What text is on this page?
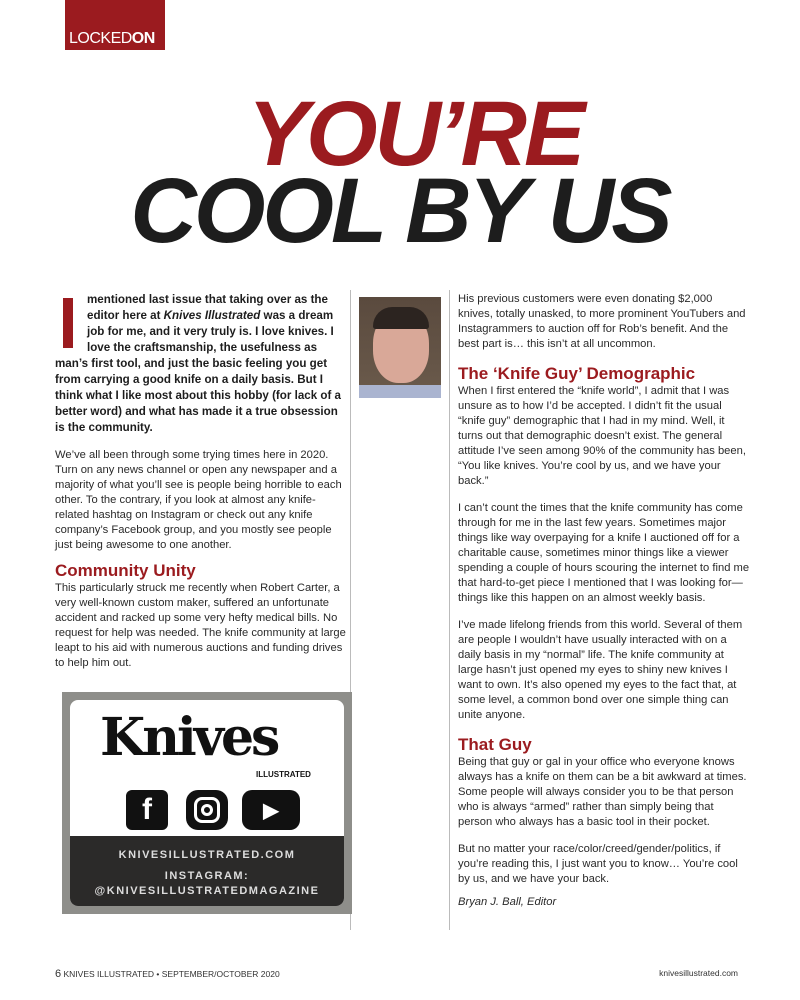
LOCKEDON
YOU’RE
COOL BY US

mentioned last issue that taking over as the editor here at Knives Illustrated was a dream job for me, and it very truly is. I love knives. I love the craftsmanship, the usefulness as man’s first tool, and just the basic feeling you get from carrying a good knife on a daily basis. But I think what I like most about this hobby (for lack of a better word) and what has made it a true obsession is the community.

We’ve all been through some trying times here in 2020. Turn on any news channel or open any newspaper and a majority of what you’ll see is people being horrible to each other. To the contrary, if you look at almost any knife-related hashtag on Instagram or check out any knife company’s Facebook group, and you mostly see people just being awesome to one another.

Community Unity

This particularly struck me recently when Robert Carter, a very well-known custom maker, suffered an unfortunate accident and racked up some very hefty medical bills. No request for help was needed. The knife community at large leapt to his aid with numerous auctions and funding drives to help him out.

Knives
ILLUSTRATED
f	▶
KNIVESILLUSTRATED.COM
INSTAGRAM:
@KNIVESILLUSTRATEDMAGAZINE

His previous customers were even donating $2,000 knives, totally unasked, to more prominent YouTubers and Instagrammers to auction off for Rob’s benefit. And the best part is… this isn’t at all uncommon.

The ‘Knife Guy’ Demographic

When I first entered the “knife world”, I admit that I was unsure as to how I’d be accepted. I didn’t fit the usual “knife guy” demographic that I had in my mind. Well, it turns out that demographic doesn’t exist. The general attitude I’ve seen among 90% of the community has been, “You like knives. You’re cool by us, and we have your back.”

I can’t count the times that the knife community has come through for me in the last few years. Sometimes major things like way overpaying for a knife I auctioned off for a charitable cause, sometimes minor things like a viewer spending a couple of hours scouring the internet to find me that hard-to-get piece I mentioned that I was looking for—things like this happen on an almost weekly basis.

I’ve made lifelong friends from this world. Several of them are people I wouldn’t have usually interacted with on a daily basis in my “normal” life. The knife community at large hasn’t just opened my eyes to shiny new knives I want to own. It’s also opened my eyes to the fact that, at some level, a common bond over one simple thing can unite anyone.

That Guy

Being that guy or gal in your office who everyone knows always has a knife on them can be a bit awkward at times. Some people will always consider you to be that person who is always “armed” rather than simply being that person who always has a basic tool in their pocket.

But no matter your race/color/creed/gender/politics, if you’re reading this, I just want you to know… You’re cool by us, and we have your back.

Bryan J. Ball, Editor

6 KNIVES ILLUSTRATED • SEPTEMBER/OCTOBER 2020	knivesillustrated.com
